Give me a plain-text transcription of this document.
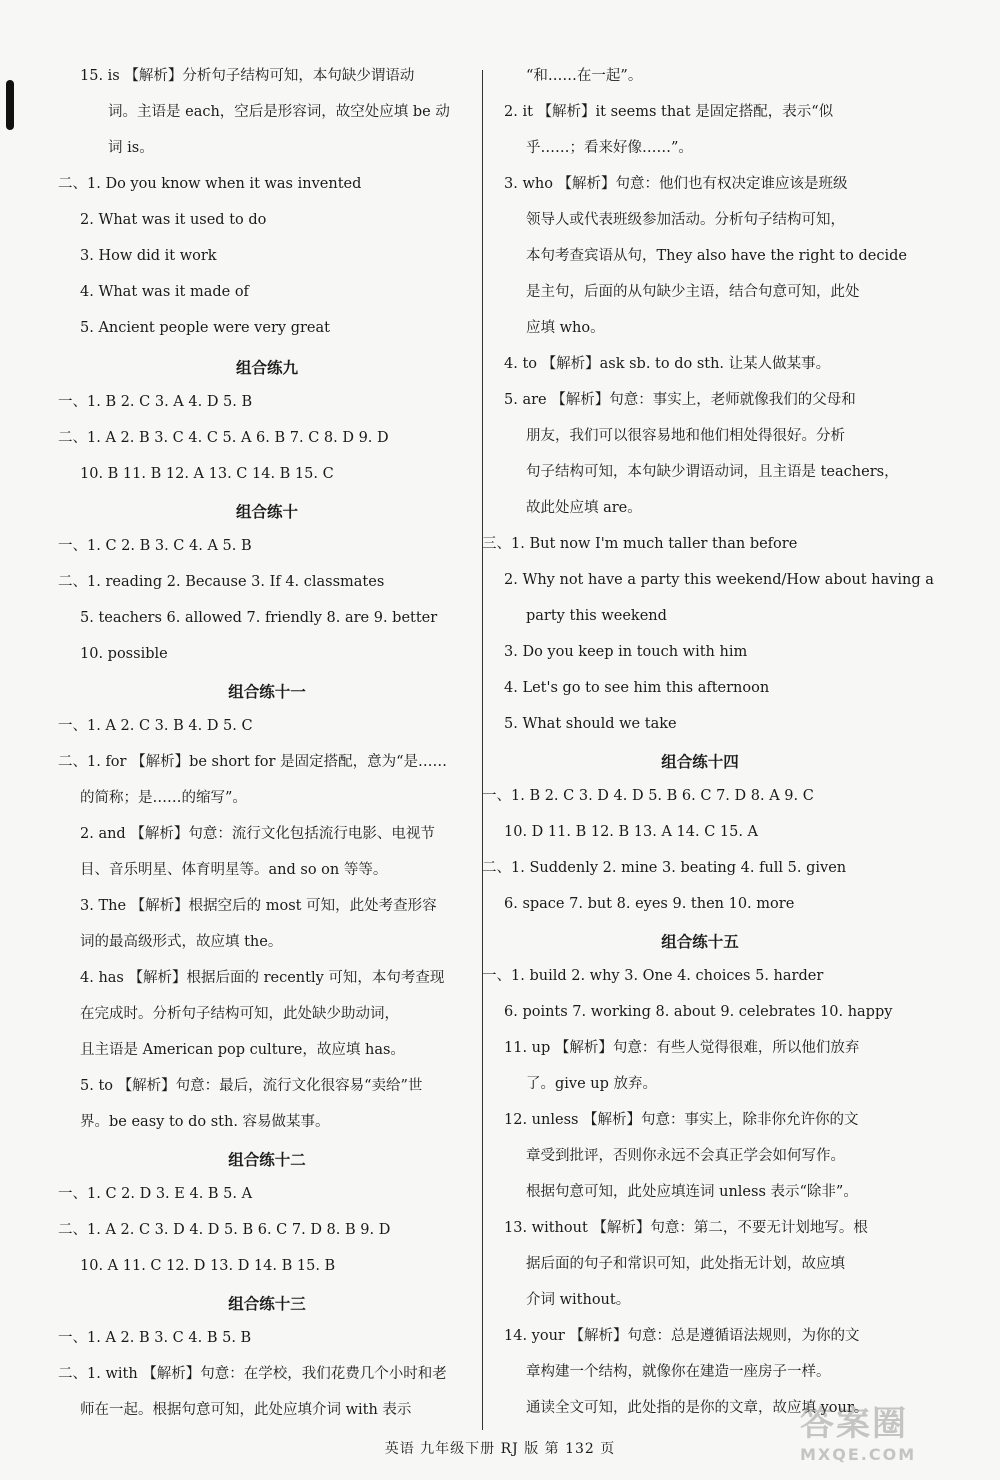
15. is 【解析】分析句子结构可知，本句缺少谓语动
词。主语是 each，空后是形容词，故空处应填 be 动
词 is。
二、1. Do you know when it was invented
2. What was it used to do
3. How did it work
4. What was it made of
5. Ancient people were very great
组合练九
一、1. B 2. C 3. A 4. D 5. B
二、1. A 2. B 3. C 4. C 5. A 6. B 7. C 8. D 9. D
10. B 11. B 12. A 13. C 14. B 15. C
组合练十
一、1. C 2. B 3. C 4. A 5. B
二、1. reading 2. Because 3. If 4. classmates
5. teachers 6. allowed 7. friendly 8. are 9. better
10. possible
组合练十一
一、1. A 2. C 3. B 4. D 5. C
二、1. for 【解析】be short for 是固定搭配，意为“是……
的简称；是……的缩写”。
2. and 【解析】句意：流行文化包括流行电影、电视节
目、音乐明星、体育明星等。and so on 等等。
3. The 【解析】根据空后的 most 可知，此处考查形容
词的最高级形式，故应填 the。
4. has 【解析】根据后面的 recently 可知，本句考查现
在完成时。分析句子结构可知，此处缺少助动词，
且主语是 American pop culture，故应填 has。
5. to 【解析】句意：最后，流行文化很容易“卖给”世
界。be easy to do sth. 容易做某事。
组合练十二
一、1. C 2. D 3. E 4. B 5. A
二、1. A 2. C 3. D 4. D 5. B 6. C 7. D 8. B 9. D
10. A 11. C 12. D 13. D 14. B 15. B
组合练十三
一、1. A 2. B 3. C 4. B 5. B
二、1. with 【解析】句意：在学校，我们花费几个小时和老
师在一起。根据句意可知，此处应填介词 with 表示
“和……在一起”。
2. it 【解析】it seems that 是固定搭配，表示“似
乎……；看来好像……”。
3. who 【解析】句意：他们也有权决定谁应该是班级
领导人或代表班级参加活动。分析句子结构可知，
本句考查宾语从句，They also have the right to decide
是主句，后面的从句缺少主语，结合句意可知，此处
应填 who。
4. to 【解析】ask sb. to do sth. 让某人做某事。
5. are 【解析】句意：事实上，老师就像我们的父母和
朋友，我们可以很容易地和他们相处得很好。分析
句子结构可知，本句缺少谓语动词，且主语是 teachers，
故此处应填 are。
三、1. But now I'm much taller than before
2. Why not have a party this weekend/How about having a
party this weekend
3. Do you keep in touch with him
4. Let's go to see him this afternoon
5. What should we take
组合练十四
一、1. B 2. C 3. D 4. D 5. B 6. C 7. D 8. A 9. C
10. D 11. B 12. B 13. A 14. C 15. A
二、1. Suddenly 2. mine 3. beating 4. full 5. given
6. space 7. but 8. eyes 9. then 10. more
组合练十五
一、1. build 2. why 3. One 4. choices 5. harder
6. points 7. working 8. about 9. celebrates 10. happy
11. up 【解析】句意：有些人觉得很难，所以他们放弃
了。give up 放弃。
12. unless 【解析】句意：事实上，除非你允许你的文
章受到批评，否则你永远不会真正学会如何写作。
根据句意可知，此处应填连词 unless 表示“除非”。
13. without 【解析】句意：第二，不要无计划地写。根
据后面的句子和常识可知，此处指无计划，故应填
介词 without。
14. your 【解析】句意：总是遵循语法规则，为你的文
章构建一个结构，就像你在建造一座房子一样。
通读全文可知，此处指的是你的文章，故应填 your。
英语 九年级下册 RJ 版 第 132 页
答案圈
MXQE.COM
